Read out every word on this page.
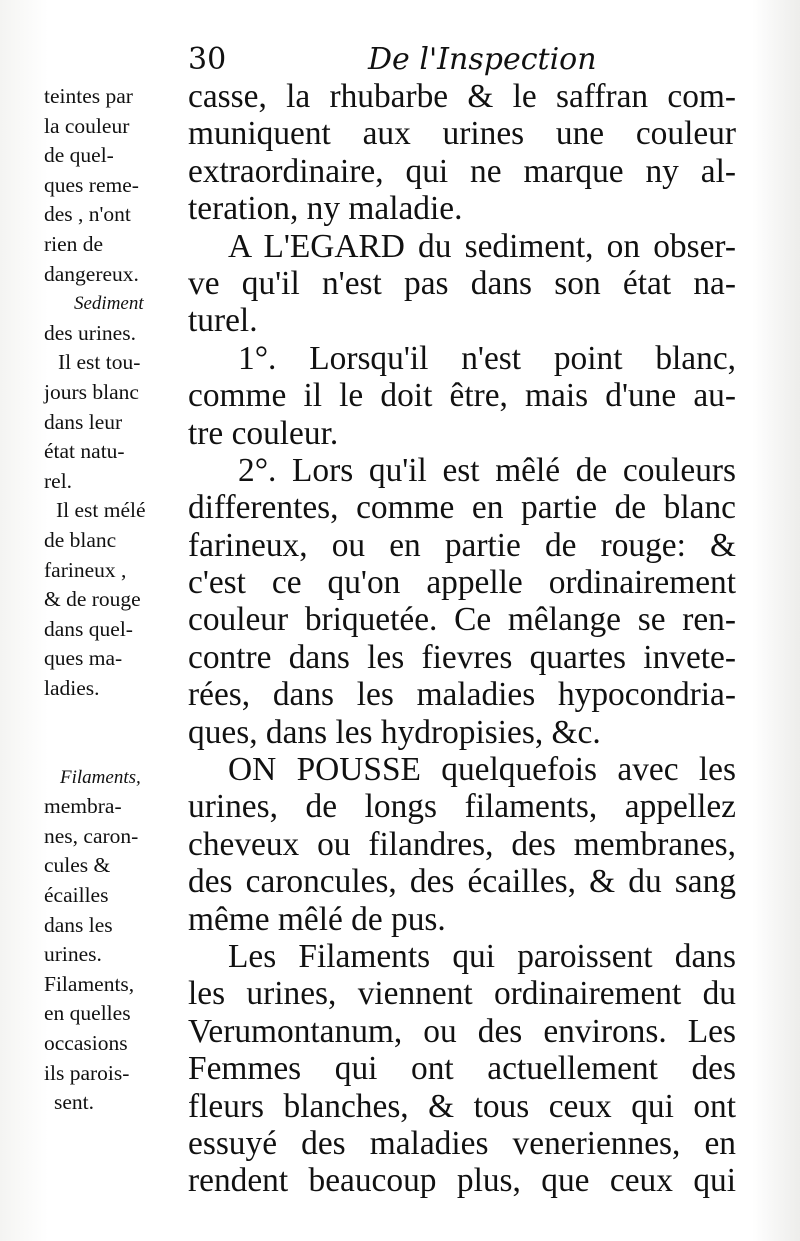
30	De l'Inspection
teintes par
la couleur
de quel-
ques reme-
des , n'ont
rien de
dangereux.
Sediment
des urines.
Il est tou-
jours blanc
dans leur
état natu-
rel.
Il est mélé
de blanc
farineux ,
& de rouge
dans quel-
ques ma-
ladies.
Filaments,
membra-
nes, caron-
cules &
écailles
dans les
urines.
Filaments,
en quelles
occasions
ils parois-
sent.
casse, la rhubarbe & le saffran com-
muniquent aux urines une couleur
extraordinaire, qui ne marque ny al-
teration, ny maladie.
A L'EGARD du sediment, on obser-
ve qu'il n'est pas dans son état na-
turel.
1°. Lorsqu'il n'est point blanc,
comme il le doit être, mais d'une au-
tre couleur.
2°. Lors qu'il est mêlé de couleurs
differentes, comme en partie de blanc
farineux, ou en partie de rouge: &
c'est ce qu'on appelle ordinairement
couleur briquetée. Ce mêlange se ren-
contre dans les fievres quartes invete-
rées, dans les maladies hypocondria-
ques, dans les hydropisies, &c.
ON POUSSE quelquefois avec les
urines, de longs filaments, appellez
cheveux ou filandres, des membranes,
des caroncules, des écailles, & du sang
même mêlé de pus.
Les Filaments qui paroissent dans
les urines, viennent ordinairement du
Verumontanum, ou des environs. Les
Femmes qui ont actuellement des
fleurs blanches, & tous ceux qui ont
essuyé des maladies veneriennes, en
rendent beaucoup plus, que ceux qui
